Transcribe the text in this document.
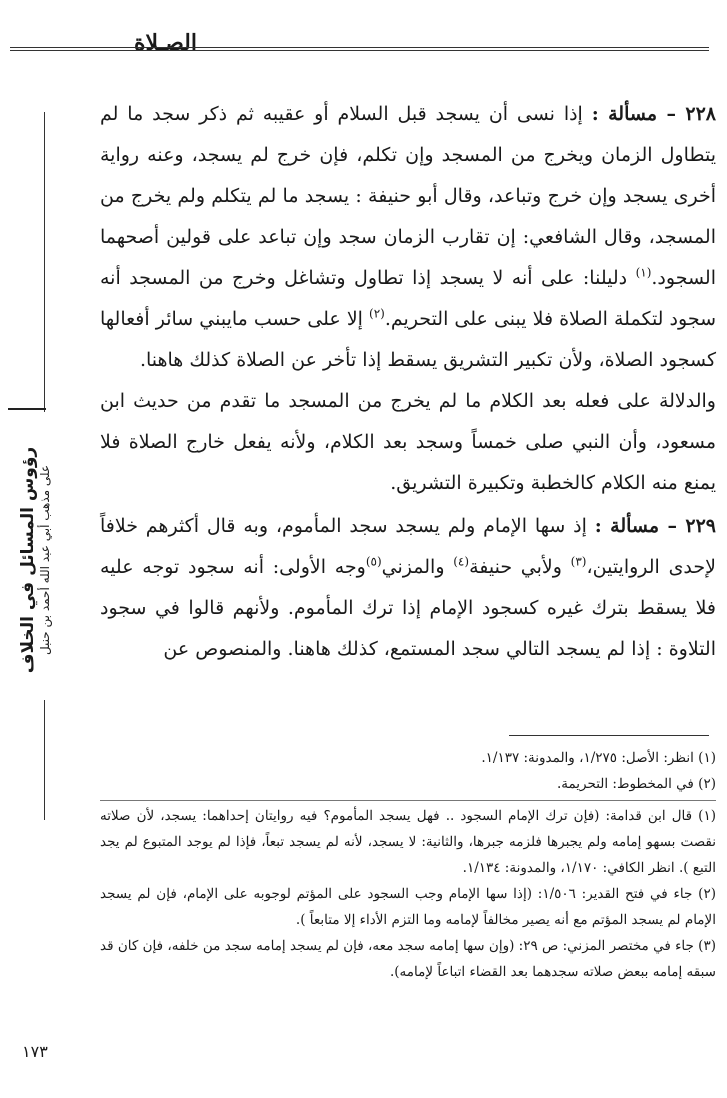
الصـلاة
رؤوس المسائل في الخلاف على مذهب أبي عبد الله أحمد بن حنبل

٢٢٨ – مسألة : إذا نسى أن يسجد قبل السلام أو عقيبه ثم ذكر سجد ما لم يتطاول الزمان ويخرج من المسجد وإن تكلم، فإن خرج لم يسجد، وعنه رواية أخرى يسجد وإن خرج وتباعد، وقال أبو حنيفة : يسجد ما لم يتكلم ولم يخرج من المسجد، وقال الشافعي: إن تقارب الزمان سجد وإن تباعد على قولين أصحهما السجود.$^{(١)}$ دليلنا: على أنه لا يسجد إذا تطاول وتشاغل وخرج من المسجد أنه سجود لتكملة الصلاة فلا يبنى على التحريم.$^{(٢)}$ إلا على حسب مايبني سائر أفعالها كسجود الصلاة، ولأن تكبير التشريق يسقط إذا تأخر عن الصلاة كذلك هاهنا.

والدلالة على فعله بعد الكلام ما لم يخرج من المسجد ما تقدم من حديث ابن مسعود، وأن النبي صلى خمساً وسجد بعد الكلام، ولأنه يفعل خارج الصلاة فلا يمنع منه الكلام كالخطبة وتكبيرة التشريق.

٢٢٩ – مسألة : إذ سها الإمام ولم يسجد سجد المأموم، وبه قال أكثرهم خلافاً لإحدى الروايتين،$^{(٣)}$ ولأبي حنيفة$^{(٤)}$ والمزني$^{(٥)}$وجه الأولى: أنه سجود توجه عليه فلا يسقط بترك غيره كسجود الإمام إذا ترك المأموم. ولأنهم قالوا في سجود التلاوة : إذا لم يسجد التالي سجد المستمع، كذلك هاهنا. والمنصوص عن

(١) انظر: الأصل: ١/٢٧٥، والمدونة: ١/١٣٧.

(٢) في المخطوط: التحريمة.

(١) قال ابن قدامة: (فإن ترك الإمام السجود .. فهل يسجد المأموم؟ فيه روايتان إحداهما: يسجد، لأن صلاته نقصت بسهو إمامه ولم يجبرها فلزمه جبرها، والثانية: لا يسجد، لأنه لم يسجد تبعاً، فإذا لم يوجد المتبوع لم يجد التبع ). انظر الكافي: ١/١٧٠، والمدونة: ١/١٣٤.

(٢) جاء في فتح القدير: ١/٥٠٦: (إذا سها الإمام وجب السجود على المؤتم لوجوبه على الإمام، فإن لم يسجد الإمام لم يسجد المؤتم مع أنه يصير مخالفاً لإمامه وما التزم الأداء إلا متابعاً ).

(٣) جاء في مختصر المزني: ص ٢٩: (وإن سها إمامه سجد معه، فإن لم يسجد إمامه سجد من خلفه، فإن كان قد سبقه إمامه ببعض صلاته سجدهما بعد القضاء اتباعاً لإمامه).

١٧٣
